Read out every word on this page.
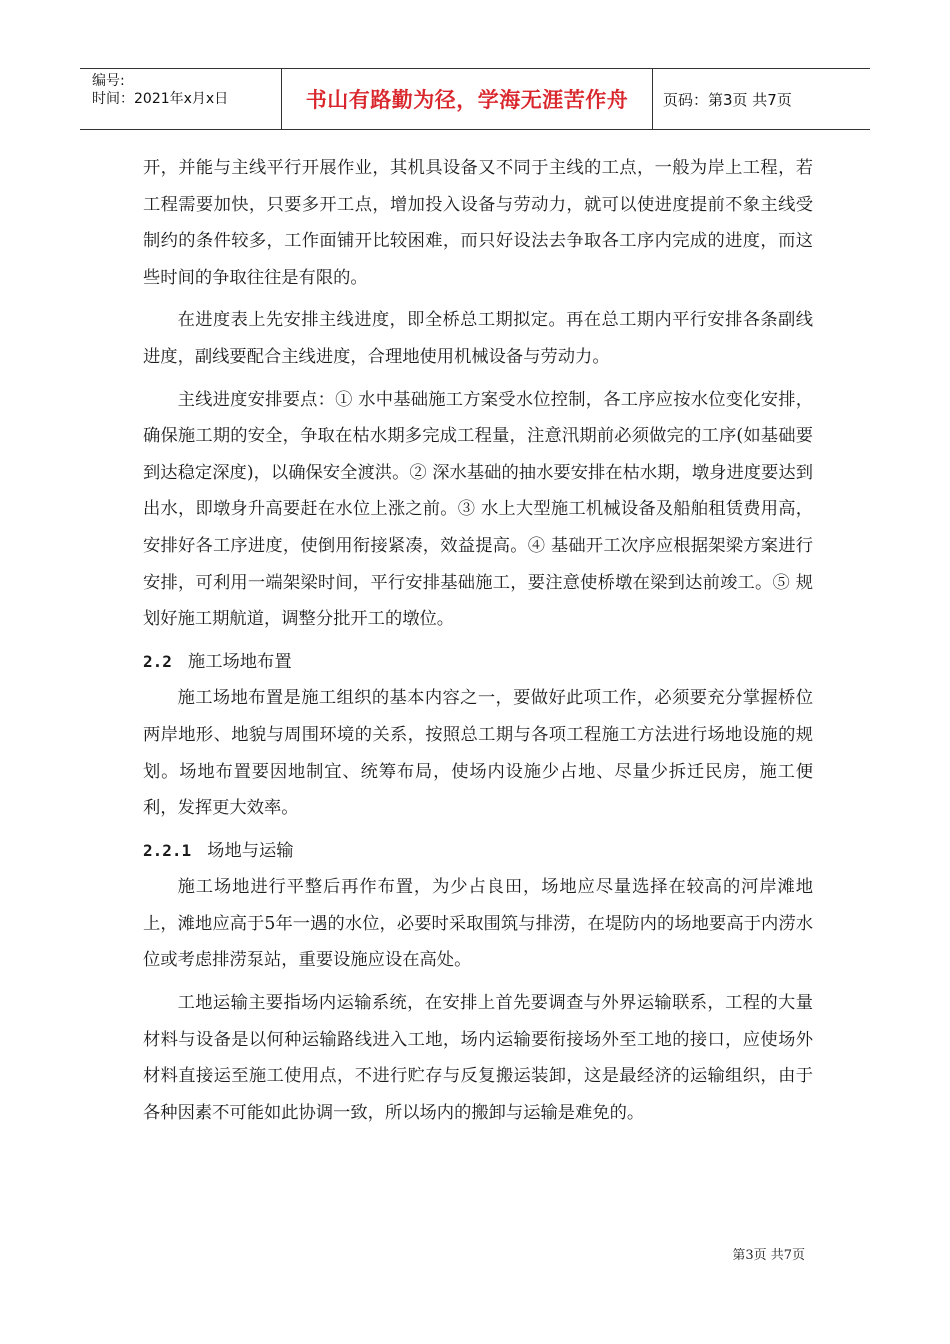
编号:
时间：2021年x月x日	书山有路勤为径，学海无涯苦作舟	页码：第3页 共7页

开，并能与主线平行开展作业，其机具设备又不同于主线的工点，一般为岸上工程，若工程需要加快，只要多开工点，增加投入设备与劳动力，就可以使进度提前不象主线受制约的条件较多，工作面铺开比较困难，而只好设法去争取各工序内完成的进度，而这些时间的争取往往是有限的。

在进度表上先安排主线进度，即全桥总工期拟定。再在总工期内平行安排各条副线进度，副线要配合主线进度，合理地使用机械设备与劳动力。

主线进度安排要点：① 水中基础施工方案受水位控制，各工序应按水位变化安排，确保施工期的安全，争取在枯水期多完成工程量，注意汛期前必须做完的工序(如基础要到达稳定深度)，以确保安全渡洪。② 深水基础的抽水要安排在枯水期，墩身进度要达到出水，即墩身升高要赶在水位上涨之前。③ 水上大型施工机械设备及船舶租赁费用高，安排好各工序进度，使倒用衔接紧凑，效益提高。④ 基础开工次序应根据架梁方案进行安排，可利用一端架梁时间，平行安排基础施工，要注意使桥墩在梁到达前竣工。⑤ 规划好施工期航道，调整分批开工的墩位。

2.2 施工场地布置

施工场地布置是施工组织的基本内容之一，要做好此项工作，必须要充分掌握桥位两岸地形、地貌与周围环境的关系，按照总工期与各项工程施工方法进行场地设施的规划。场地布置要因地制宜、统筹布局，使场内设施少占地、尽量少拆迁民房，施工便利，发挥更大效率。

2.2.1 场地与运输

施工场地进行平整后再作布置，为少占良田，场地应尽量选择在较高的河岸滩地上，滩地应高于5年一遇的水位，必要时采取围筑与排涝，在堤防内的场地要高于内涝水位或考虑排涝泵站，重要设施应设在高处。

工地运输主要指场内运输系统，在安排上首先要调查与外界运输联系，工程的大量材料与设备是以何种运输路线进入工地，场内运输要衔接场外至工地的接口，应使场外材料直接运至施工使用点，不进行贮存与反复搬运装卸，这是最经济的运输组织，由于各种因素不可能如此协调一致，所以场内的搬卸与运输是难免的。

第3页 共7页
